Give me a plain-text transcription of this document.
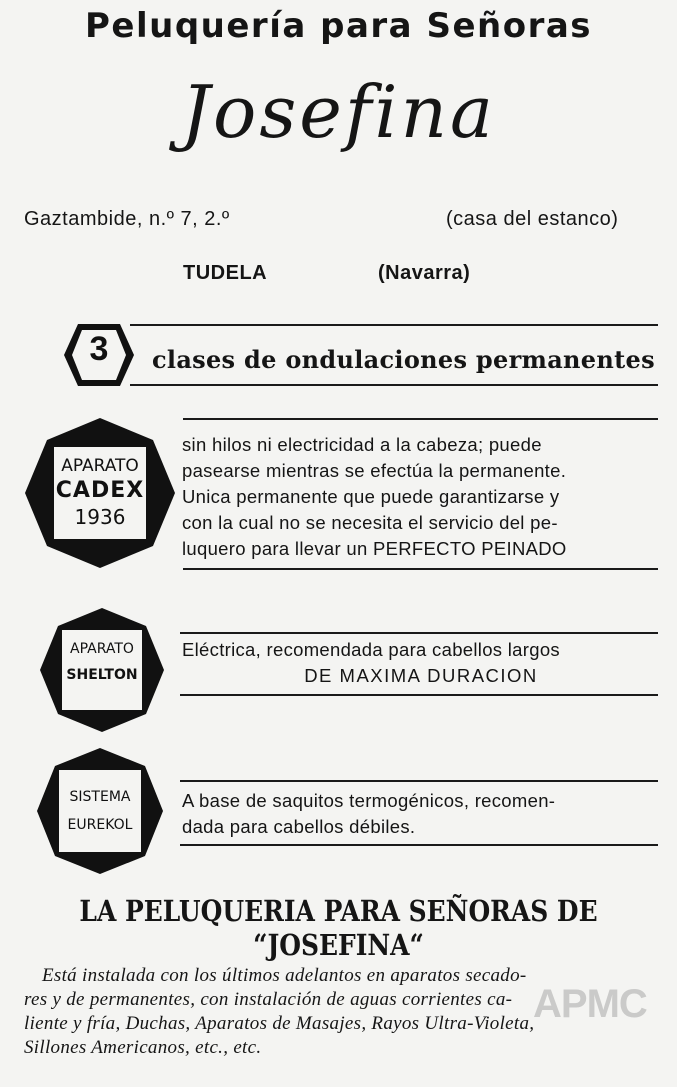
Peluquería para Señoras
Josefina
Gaztambide, n.º 7, 2.º	(casa del estanco)
TUDELA	(Navarra)
3	clases de ondulaciones permanentes
APARATO
CADEX
1936
sin hilos ni electricidad a la cabeza; puede
pasearse mientras se efectúa la permanente.
Unica permanente que puede garantizarse y
con la cual no se necesita el servicio del pe-
luquero para llevar un PERFECTO PEINADO
APARATO
SHELTON
Eléctrica, recomendada para cabellos largos
DE MAXIMA DURACION
SISTEMA
EUREKOL
A base de saquitos termogénicos, recomen-
dada para cabellos débiles.
LA PELUQUERIA PARA SEÑORAS DE “JOSEFINA“
Está instalada con los últimos adelantos en aparatos secado-
res y de permanentes, con instalación de aguas corrientes ca-
liente y fría, Duchas, Aparatos de Masajes, Rayos Ultra-Violeta,
Sillones Americanos, etc., etc.
APMC
